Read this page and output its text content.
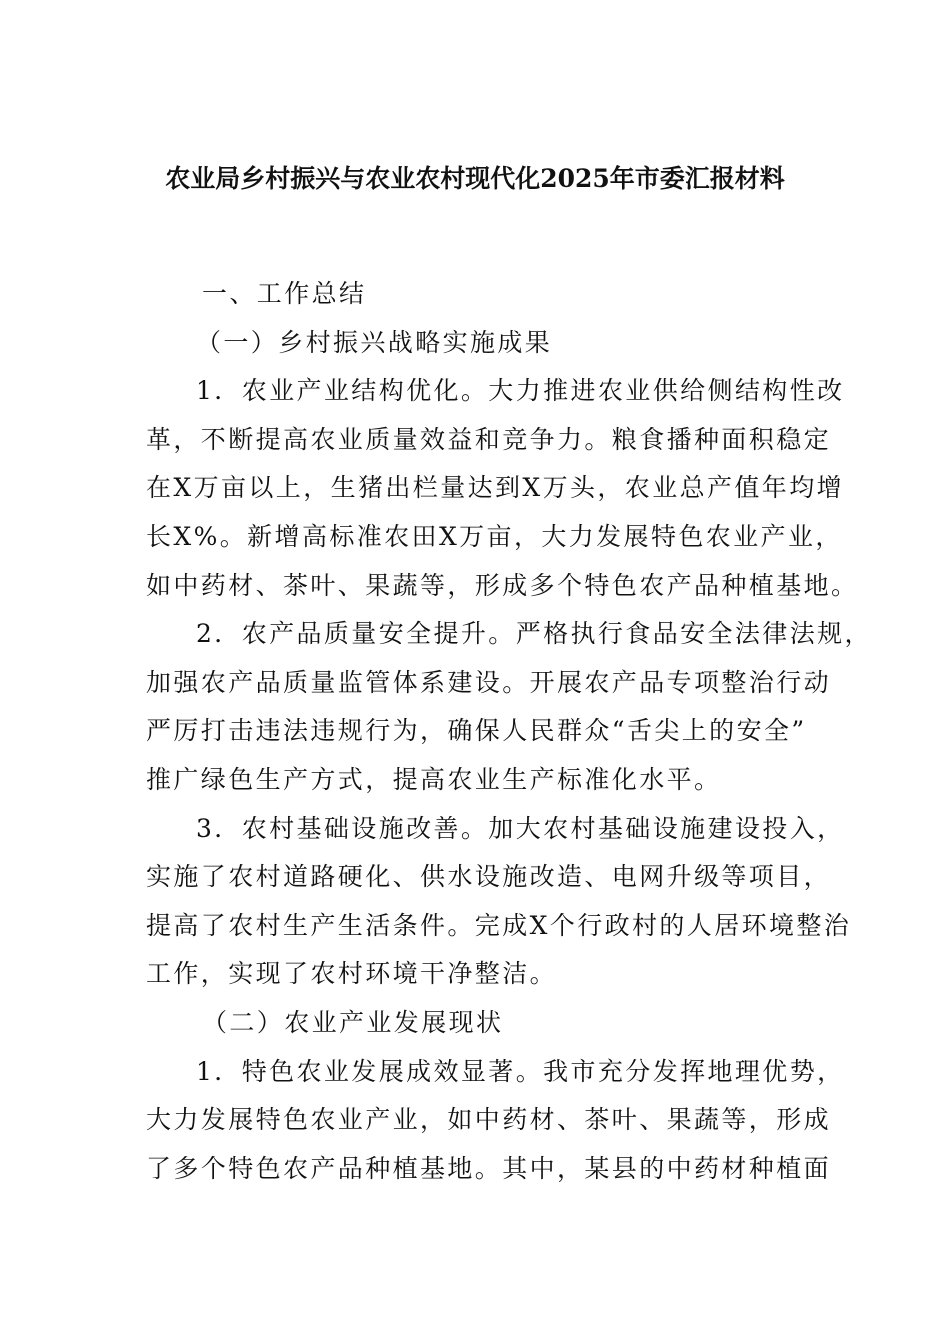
农业局乡村振兴与农业农村现代化2025年市委汇报材料
一、工作总结
（一）乡村振兴战略实施成果
1．农业产业结构优化。大力推进农业供给侧结构性改
革，不断提高农业质量效益和竞争力。粮食播种面积稳定
在X万亩以上，生猪出栏量达到X万头，农业总产值年均增
长X%。新增高标准农田X万亩，大力发展特色农业产业，
如中药材、茶叶、果蔬等，形成多个特色农产品种植基地。
2．农产品质量安全提升。严格执行食品安全法律法规，
加强农产品质量监管体系建设。开展农产品专项整治行动
严厉打击违法违规行为，确保人民群众“舌尖上的安全”
推广绿色生产方式，提高农业生产标准化水平。
3．农村基础设施改善。加大农村基础设施建设投入，
实施了农村道路硬化、供水设施改造、电网升级等项目，
提高了农村生产生活条件。完成X个行政村的人居环境整治
工作，实现了农村环境干净整洁。
（二）农业产业发展现状
1．特色农业发展成效显著。我市充分发挥地理优势，
大力发展特色农业产业，如中药材、茶叶、果蔬等，形成
了多个特色农产品种植基地。其中，某县的中药材种植面
